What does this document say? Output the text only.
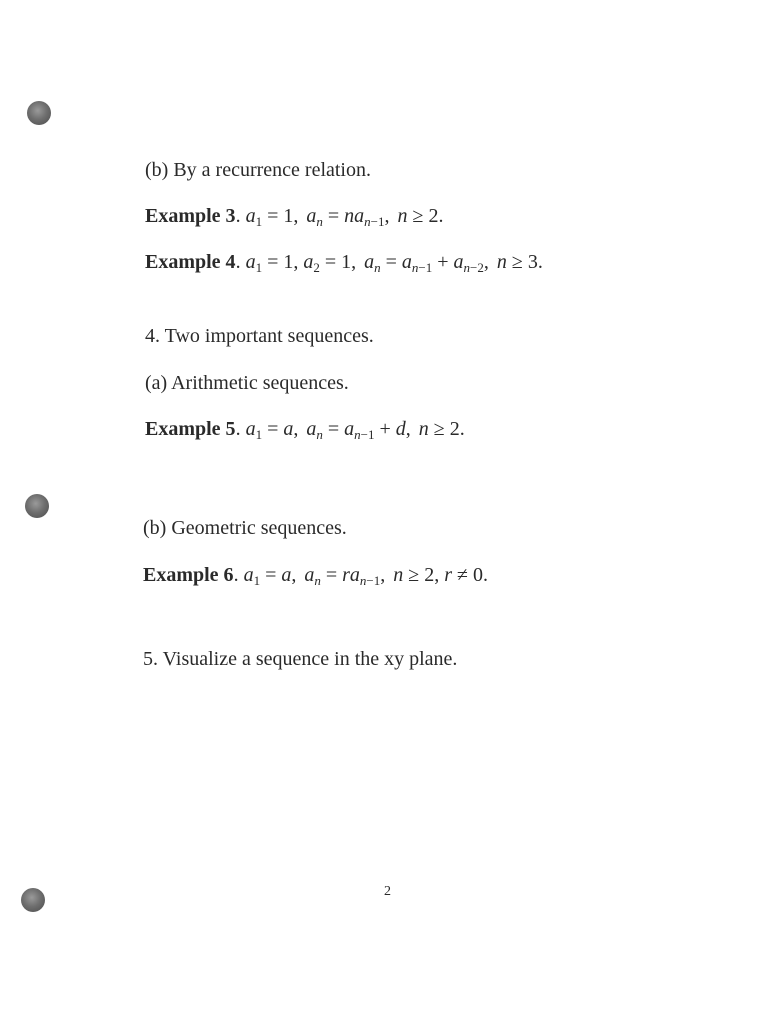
(b) By a recurrence relation.
Example 3. $a_1 = 1$, $a_n = na_{n-1}$, n ≥ 2.
Example 4. $a_1 = 1$, $a_2 = 1$, $a_n = a_{n-1} + a_{n-2}$, n ≥ 3.
4. Two important sequences.
(a) Arithmetic sequences.
Example 5. $a_1 = a$, $a_n = a_{n-1} + d$, n ≥ 2.
(b) Geometric sequences.
Example 6. $a_1 = a$, $a_n = ra_{n-1}$, n ≥ 2, r ≠ 0.
5. Visualize a sequence in the xy plane.
2
